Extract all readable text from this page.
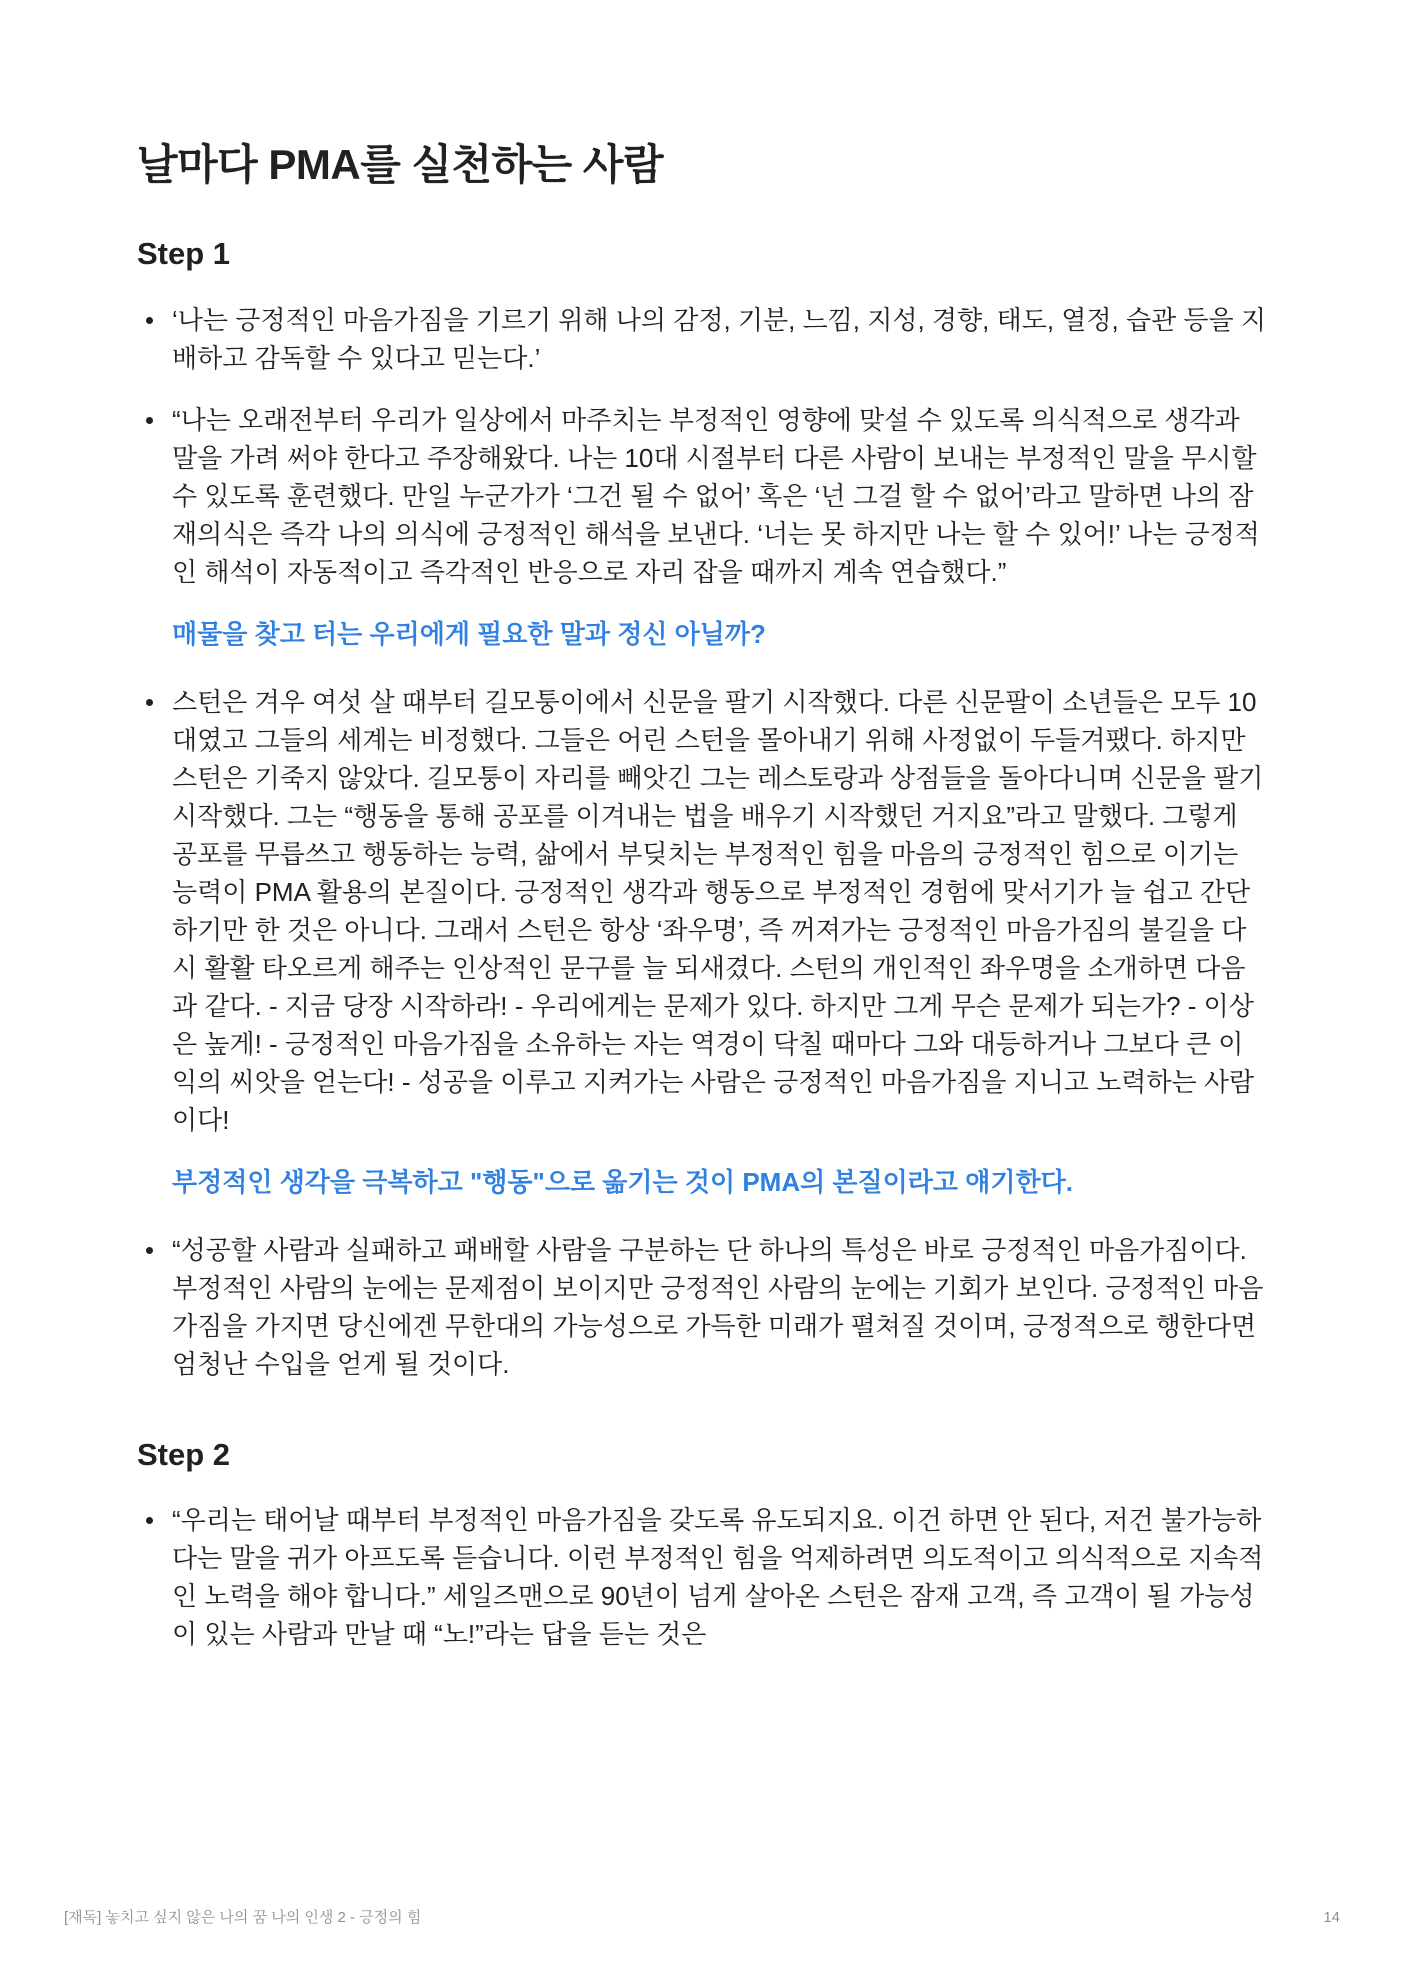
날마다 PMA를 실천하는 사람
Step 1

‘나는 긍정적인 마음가짐을 기르기 위해 나의 감정, 기분, 느낌, 지성, 경향, 태도, 열정, 습관 등을 지배하고 감독할 수 있다고 믿는다.’

“나는 오래전부터 우리가 일상에서 마주치는 부정적인 영향에 맞설 수 있도록 의식적으로 생각과 말을 가려 써야 한다고 주장해왔다. 나는 10대 시절부터 다른 사람이 보내는 부정적인 말을 무시할 수 있도록 훈련했다. 만일 누군가가 ‘그건 될 수 없어’ 혹은 ‘넌 그걸 할 수 없어’라고 말하면 나의 잠재의식은 즉각 나의 의식에 긍정적인 해석을 보낸다. ‘너는 못 하지만 나는 할 수 있어!’ 나는 긍정적인 해석이 자동적이고 즉각적인 반응으로 자리 잡을 때까지 계속 연습했다.”

매물을 찾고 터는 우리에게 필요한 말과 정신 아닐까?

스턴은 겨우 여섯 살 때부터 길모퉁이에서 신문을 팔기 시작했다. 다른 신문팔이 소년들은 모두 10대였고 그들의 세계는 비정했다. 그들은 어린 스턴을 몰아내기 위해 사정없이 두들겨팼다. 하지만 스턴은 기죽지 않았다. 길모퉁이 자리를 빼앗긴 그는 레스토랑과 상점들을 돌아다니며 신문을 팔기 시작했다. 그는 “행동을 통해 공포를 이겨내는 법을 배우기 시작했던 거지요”라고 말했다. 그렇게 공포를 무릅쓰고 행동하는 능력, 삶에서 부딪치는 부정적인 힘을 마음의 긍정적인 힘으로 이기는 능력이 PMA 활용의 본질이다. 긍정적인 생각과 행동으로 부정적인 경험에 맞서기가 늘 쉽고 간단하기만 한 것은 아니다. 그래서 스턴은 항상 ‘좌우명’, 즉 꺼져가는 긍정적인 마음가짐의 불길을 다시 활활 타오르게 해주는 인상적인 문구를 늘 되새겼다. 스턴의 개인적인 좌우명을 소개하면 다음과 같다. - 지금 당장 시작하라! - 우리에게는 문제가 있다. 하지만 그게 무슨 문제가 되는가? - 이상은 높게! - 긍정적인 마음가짐을 소유하는 자는 역경이 닥칠 때마다 그와 대등하거나 그보다 큰 이익의 씨앗을 얻는다! - 성공을 이루고 지켜가는 사람은 긍정적인 마음가짐을 지니고 노력하는 사람이다!

부정적인 생각을 극복하고 "행동"으로 옮기는 것이 PMA의 본질이라고 얘기한다.

“성공할 사람과 실패하고 패배할 사람을 구분하는 단 하나의 특성은 바로 긍정적인 마음가짐이다. 부정적인 사람의 눈에는 문제점이 보이지만 긍정적인 사람의 눈에는 기회가 보인다. 긍정적인 마음가짐을 가지면 당신에겐 무한대의 가능성으로 가득한 미래가 펼쳐질 것이며, 긍정적으로 행한다면 엄청난 수입을 얻게 될 것이다.

Step 2

“우리는 태어날 때부터 부정적인 마음가짐을 갖도록 유도되지요. 이건 하면 안 된다, 저건 불가능하다는 말을 귀가 아프도록 듣습니다. 이런 부정적인 힘을 억제하려면 의도적이고 의식적으로 지속적인 노력을 해야 합니다.” 세일즈맨으로 90년이 넘게 살아온 스턴은 잠재 고객, 즉 고객이 될 가능성이 있는 사람과 만날 때 “노!”라는 답을 듣는 것은

[재독] 놓치고 싶지 않은 나의 꿈 나의 인생 2 - 긍정의 힘	14
